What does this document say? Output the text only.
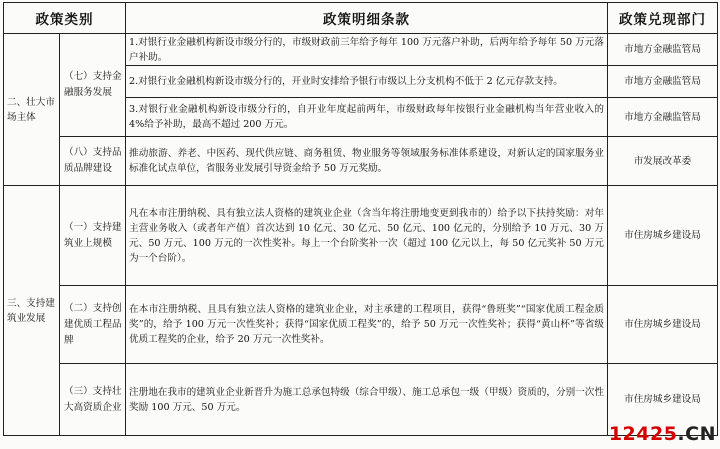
政策类别		政策明细条款	政策兑现部门
二、壮大市场主体	（七）支持金融服务发展	1.对银行业金融机构新设市级分行的，市级财政前三年给予每年 100 万元落户补助，后两年给予每年 50 万元落户补助。	市地方金融监管局
		2.对银行业金融机构新设市级分行的，开业时安排给予银行市级以上分支机构不低于 2 亿元存款支持。	市地方金融监管局
		3.对银行业金融机构新设市级分行的，自开业年度起前两年，市级财政每年按银行业金融机构当年营业收入的 4%给予补助，最高不超过 200 万元。	市地方金融监管局

	（八）支持品质品牌建设	推动旅游、养老、中医药、现代供应链、商务租赁、物业服务等领域服务标准体系建设，对新认定的国家服务业标准化试点单位，省服务业发展引导资金给予 50 万元奖励。	市发展改革委
三、支持建筑业发展	（一）支持建筑业上规模	凡在本市注册纳税、具有独立法人资格的建筑业企业（含当年将注册地变更到我市的）给予以下扶持奖励：对年主营业务收入（或者年产值）首次达到 10 亿元、30 亿元、50 亿元、100 亿元的，分别给予 10 万元、30 万元、50 万元、100 万元的一次性奖补。每上一个台阶奖补一次（超过 100 亿元以上，每 50 亿元奖补 50 万元为一个台阶）。	市住房城乡建设局

	（二）支持创建优质工程品牌	在本市注册纳税、且具有独立法人资格的建筑业企业，对主承建的工程项目，获得“鲁班奖”“国家优质工程金质奖”的，给予 100 万元一次性奖补；获得“国家优质工程奖”的，给予 50 万元一次性奖补；获得“黄山杯”等省级优质工程奖的企业，给予 20 万元一次性奖补。	市住房城乡建设局

	（三）支持壮大高资质企业	注册地在我市的建筑业企业新晋升为施工总承包特级（综合甲级）、施工总承包一级（甲级）资质的，分别一次性奖励 100 万元、50 万元。	市住房城乡建设局
12425 .CN
